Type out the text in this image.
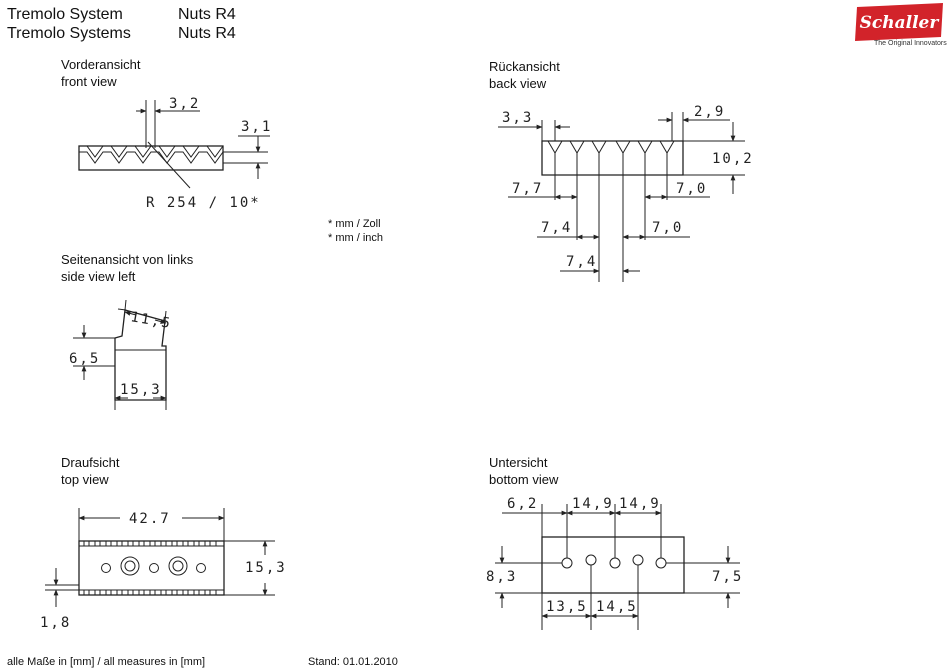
Tremolo System	Nuts R4
Tremolo Systems	Nuts R4
Schaller
The Original Innovators
Vorderansicht
front view
Rückansicht
back view
Seitenansicht von links
side view left
Draufsicht
top view
Untersicht
bottom view
* mm / Zoll
* mm / inch
alle Maße in [mm] / all measures in [mm]	Stand: 01.01.2010
3,2
3,1
R 254 / 10*
3,3	2,9
10,2
7,7	7,0
7,4	7,0
7,4
11,5
6,5
15,3
42.7
15,3
1,8
6,2 14,9 14,9
8,3	7,5
13,5 14,5
